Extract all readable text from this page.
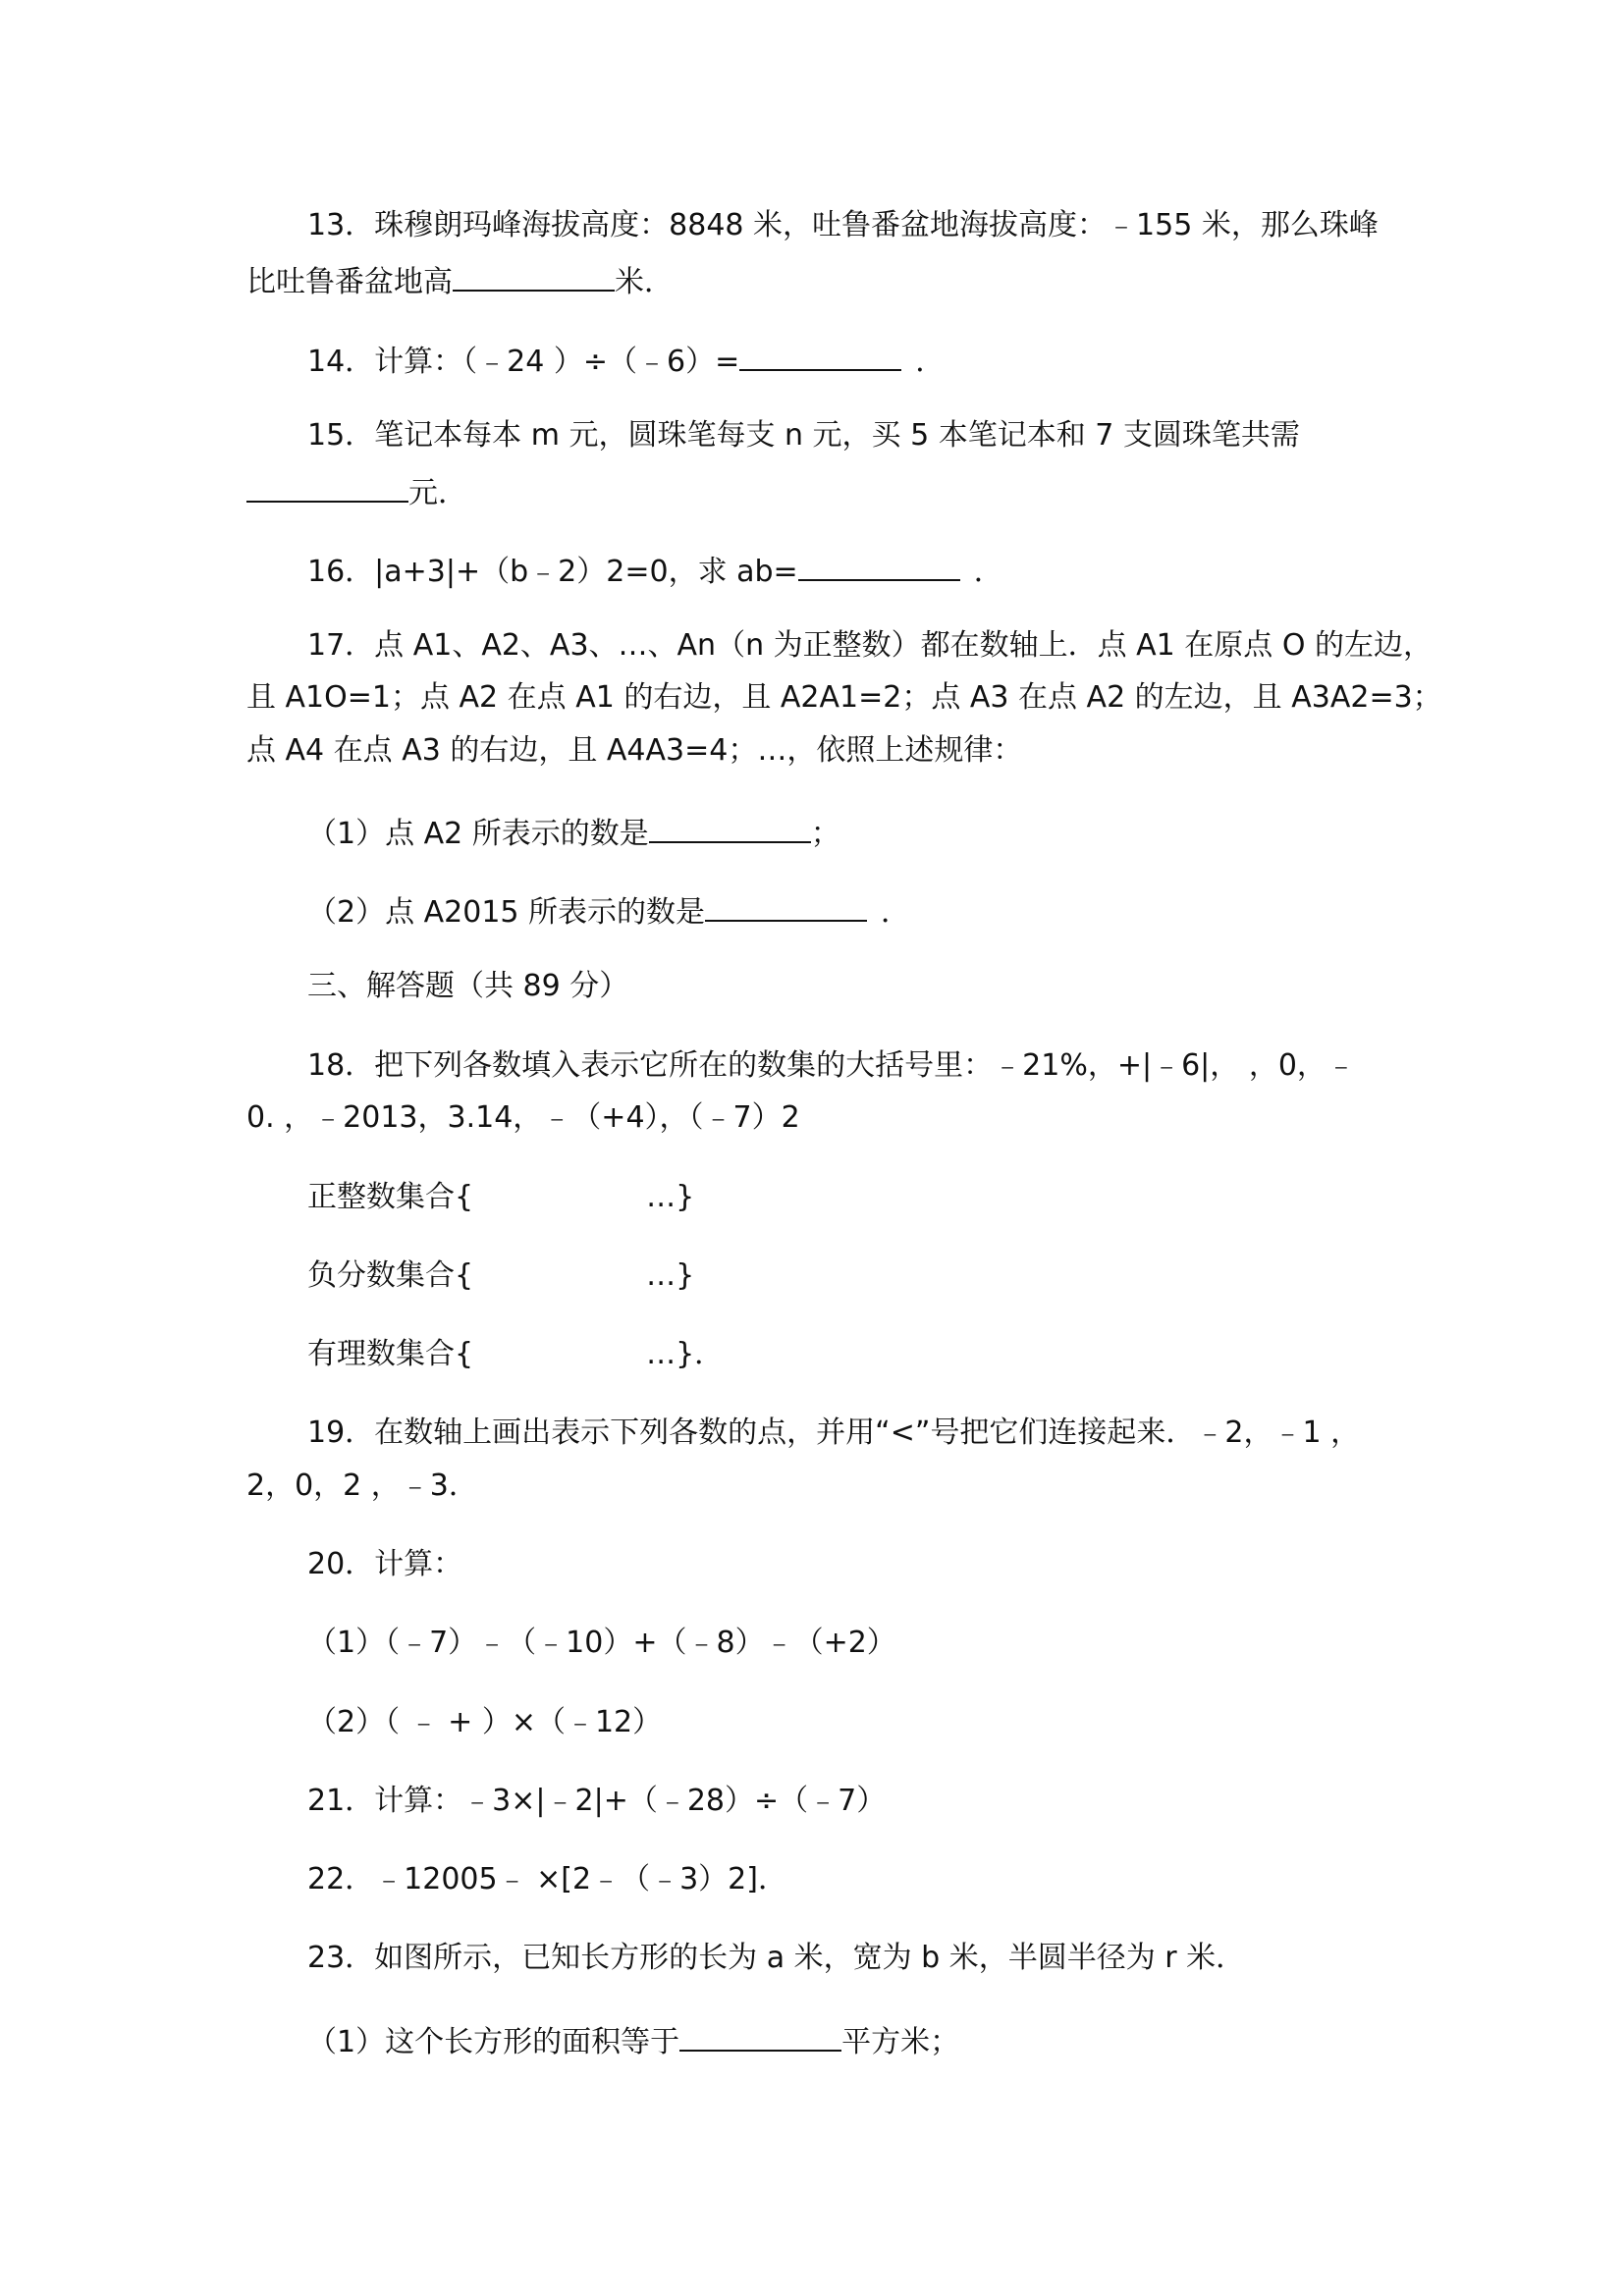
13．珠穆朗玛峰海拔高度：8848 米，吐鲁番盆地海拔高度：﹣155 米，那么珠峰
比吐鲁番盆地高	米．
14．计算：（﹣24 ）÷（﹣6）=	．
15．笔记本每本 m 元，圆珠笔每支 n 元，买 5 本笔记本和 7 支圆珠笔共需
元．
16．|a+3|+（b﹣2）2=0，求 ab=	．
17．点 A1、A2、A3、…、An（n 为正整数）都在数轴上．点 A1 在原点 O 的左边，
且 A1O=1；点 A2 在点 A1 的右边，且 A2A1=2；点 A3 在点 A2 的左边，且 A3A2=3；
点 A4 在点 A3 的右边，且 A4A3=4；…，依照上述规律：
（1）点 A2 所表示的数是	；
（2）点 A2015 所表示的数是	．
三、解答题（共 89 分）
18．把下列各数填入表示它所在的数集的大括号里：﹣21%，+|﹣6|， ，0，﹣
0. ，﹣2013，3.14，﹣（+4），（﹣7）2
正整数集合{	…}
负分数集合{	…}
有理数集合{	…}．
19．在数轴上画出表示下列各数的点，并用“<”号把它们连接起来．﹣2，﹣1 ，
2，0，2 ，﹣3．
20．计算：
（1）（﹣7）﹣（﹣10）+（﹣8）﹣（+2）
（2）（ ﹣ + ）×（﹣12）
21．计算：﹣3×|﹣2|+（﹣28）÷（﹣7）
22．﹣12005﹣ ×[2﹣（﹣3）2]．
23．如图所示，已知长方形的长为 a 米，宽为 b 米，半圆半径为 r 米．
（1）这个长方形的面积等于	平方米；
